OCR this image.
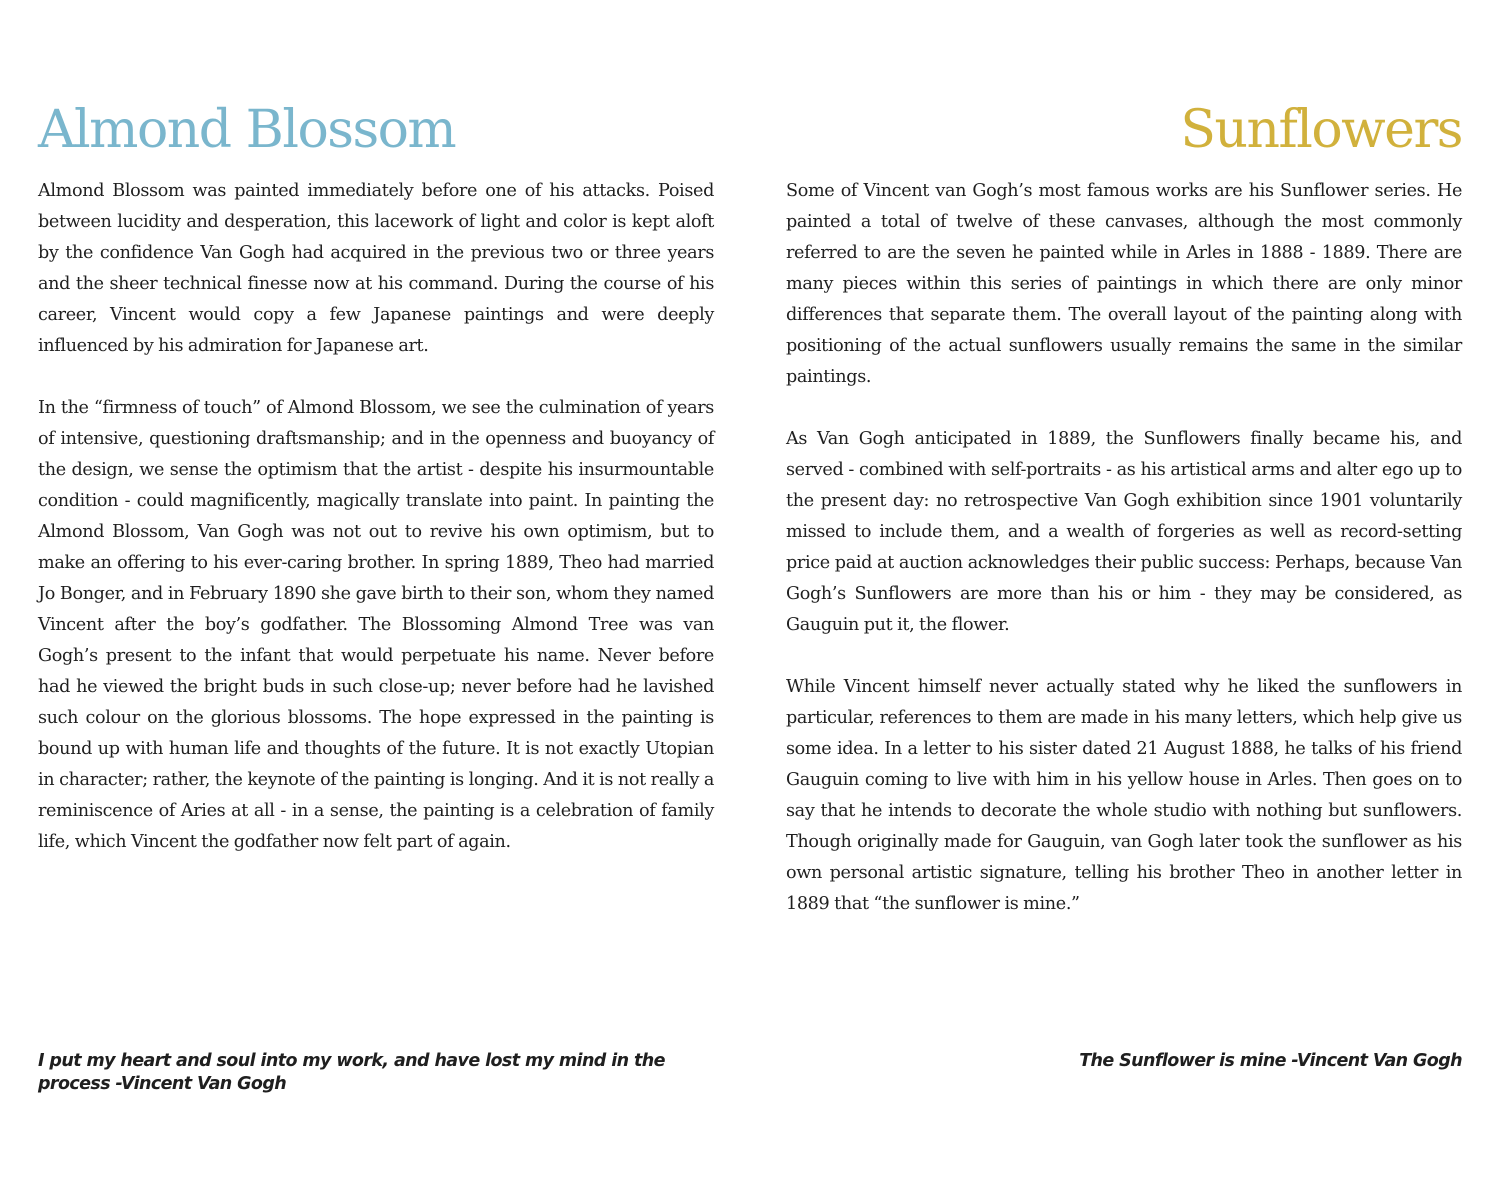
Almond Blossom

Almond Blossom was painted immediately before one of his attacks. Poised between lucidity and desperation, this lacework of light and color is kept aloft by the confidence Van Gogh had acquired in the previous two or three years and the sheer technical finesse now at his command. During the course of his career, Vincent would copy a few Japanese paintings and were deeply influenced by his admiration for Japanese art.

In the “firmness of touch” of Almond Blossom, we see the culmination of years of intensive, questioning draftsmanship; and in the openness and buoyancy of the design, we sense the optimism that the artist - despite his insurmountable condition - could magnificently, magically translate into paint. In painting the Almond Blossom, Van Gogh was not out to revive his own optimism, but to make an offering to his ever-caring brother. In spring 1889, Theo had married Jo Bonger, and in February 1890 she gave birth to their son, whom they named Vincent after the boy’s godfather. The Blossoming Almond Tree was van Gogh’s present to the infant that would perpetuate his name. Never before had he viewed the bright buds in such close-up; never before had he lavished such colour on the glorious blossoms. The hope expressed in the painting is bound up with human life and thoughts of the future. It is not exactly Utopian in character; rather, the keynote of the painting is longing. And it is not really a reminiscence of Aries at all - in a sense, the painting is a celebration of family life, which Vincent the godfather now felt part of again.

I put my heart and soul into my work, and have lost my mind in the process -Vincent Van Gogh

Sunflowers

Some of Vincent van Gogh’s most famous works are his Sunflower series. He painted a total of twelve of these canvases, although the most commonly referred to are the seven he painted while in Arles in 1888 - 1889. There are many pieces within this series of paintings in which there are only minor differences that separate them. The overall layout of the painting along with positioning of the actual sunflowers usually remains the same in the similar paintings.

As Van Gogh anticipated in 1889, the Sunflowers finally became his, and served - combined with self-portraits - as his artistical arms and alter ego up to the present day: no retrospective Van Gogh exhibition since 1901 voluntarily missed to include them, and a wealth of forgeries as well as record-setting price paid at auction acknowledges their public success: Perhaps, because Van Gogh’s Sunflowers are more than his or him - they may be considered, as Gauguin put it, the flower.

While Vincent himself never actually stated why he liked the sunflowers in particular, references to them are made in his many letters, which help give us some idea. In a letter to his sister dated 21 August 1888, he talks of his friend Gauguin coming to live with him in his yellow house in Arles. Then goes on to say that he intends to decorate the whole studio with nothing but sunflowers. Though originally made for Gauguin, van Gogh later took the sunflower as his own personal artistic signature, telling his brother Theo in another letter in 1889 that “the sunflower is mine.”

The Sunflower is mine -Vincent Van Gogh
